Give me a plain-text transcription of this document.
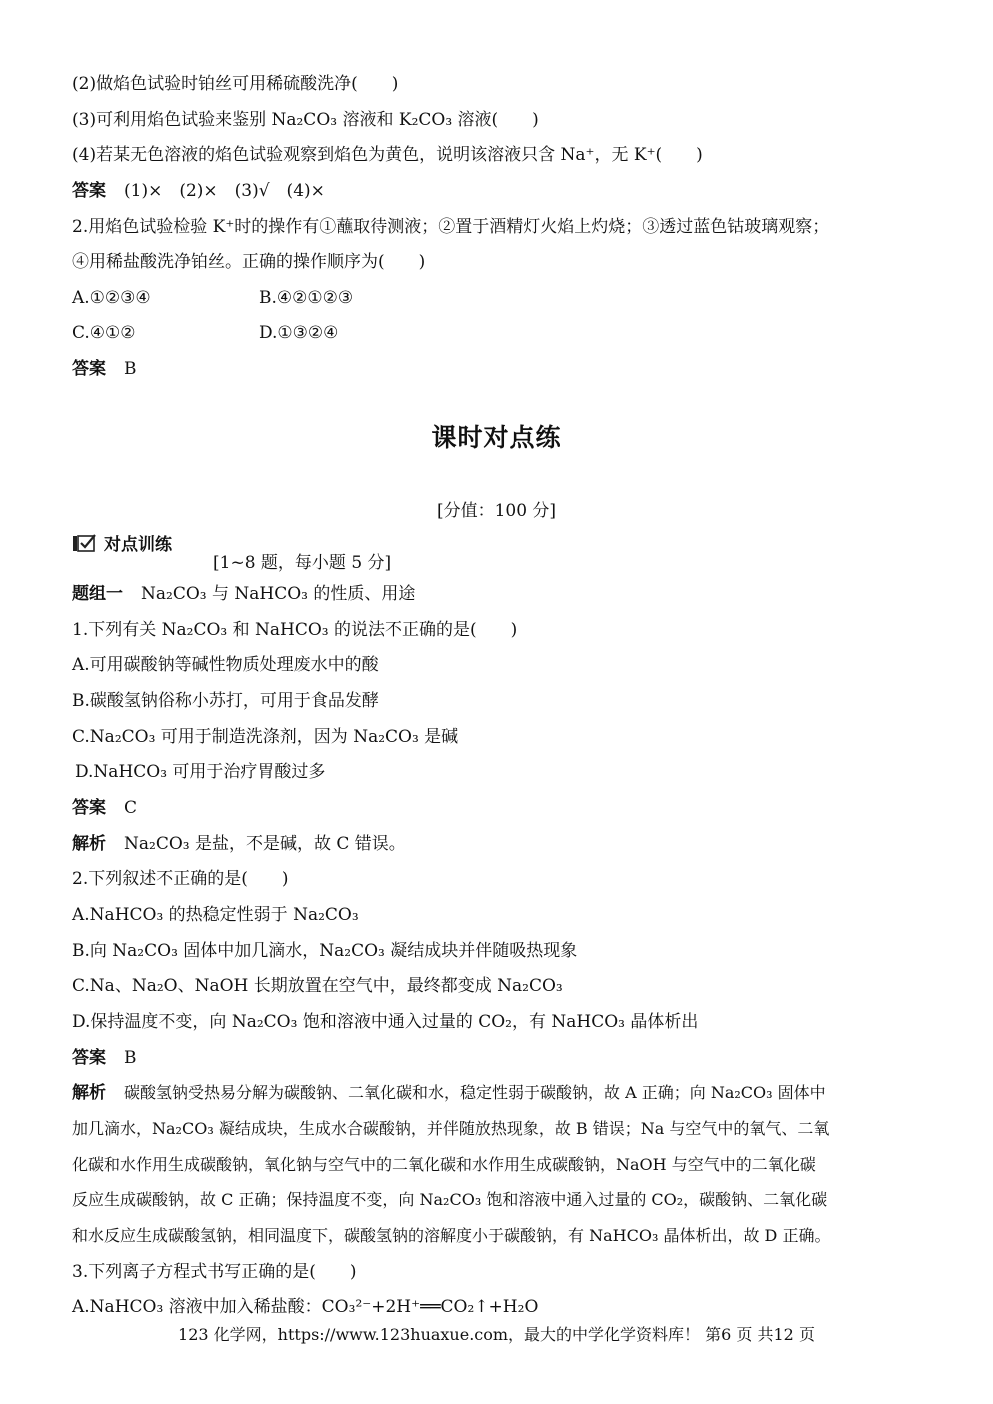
(2)做焰色试验时铂丝可用稀硫酸洗净(　　)
(3)可利用焰色试验来鉴别 Na₂CO₃ 溶液和 K₂CO₃ 溶液(　　)
(4)若某无色溶液的焰色试验观察到焰色为黄色，说明该溶液只含 Na⁺，无 K⁺(　　)
答案 (1)×　(2)×　(3)√　(4)×
2.用焰色试验检验 K⁺时的操作有①蘸取待测液；②置于酒精灯火焰上灼烧；③透过蓝色钴玻璃观察；
④用稀盐酸洗净铂丝。正确的操作顺序为(　　)
A.①②③④	B.④②①②③
C.④①②	D.①③②④
答案 B
课时对点练
[分值：100 分]
对点训练
[1~8 题，每小题 5 分]
题组一 Na₂CO₃ 与 NaHCO₃ 的性质、用途
1.下列有关 Na₂CO₃ 和 NaHCO₃ 的说法不正确的是(　　)
A.可用碳酸钠等碱性物质处理废水中的酸
B.碳酸氢钠俗称小苏打，可用于食品发酵
C.Na₂CO₃ 可用于制造洗涤剂，因为 Na₂CO₃ 是碱
D.NaHCO₃ 可用于治疗胃酸过多
答案 C
解析 Na₂CO₃ 是盐，不是碱，故 C 错误。
2.下列叙述不正确的是(　　)
A.NaHCO₃ 的热稳定性弱于 Na₂CO₃
B.向 Na₂CO₃ 固体中加几滴水，Na₂CO₃ 凝结成块并伴随吸热现象
C.Na、Na₂O、NaOH 长期放置在空气中，最终都变成 Na₂CO₃
D.保持温度不变，向 Na₂CO₃ 饱和溶液中通入过量的 CO₂，有 NaHCO₃ 晶体析出
答案 B
解析 碳酸氢钠受热易分解为碳酸钠、二氧化碳和水，稳定性弱于碳酸钠，故 A 正确；向 Na₂CO₃ 固体中
加几滴水，Na₂CO₃ 凝结成块，生成水合碳酸钠，并伴随放热现象，故 B 错误；Na 与空气中的氧气、二氧
化碳和水作用生成碳酸钠，氧化钠与空气中的二氧化碳和水作用生成碳酸钠，NaOH 与空气中的二氧化碳
反应生成碳酸钠，故 C 正确；保持温度不变，向 Na₂CO₃ 饱和溶液中通入过量的 CO₂，碳酸钠、二氧化碳
和水反应生成碳酸氢钠，相同温度下，碳酸氢钠的溶解度小于碳酸钠，有 NaHCO₃ 晶体析出，故 D 正确。
3.下列离子方程式书写正确的是(　　)
A.NaHCO₃ 溶液中加入稀盐酸：CO₃²⁻+2H⁺══CO₂↑+H₂O
123 化学网，https://www.123huaxue.com，最大的中学化学资料库！ 第6 页 共12 页
